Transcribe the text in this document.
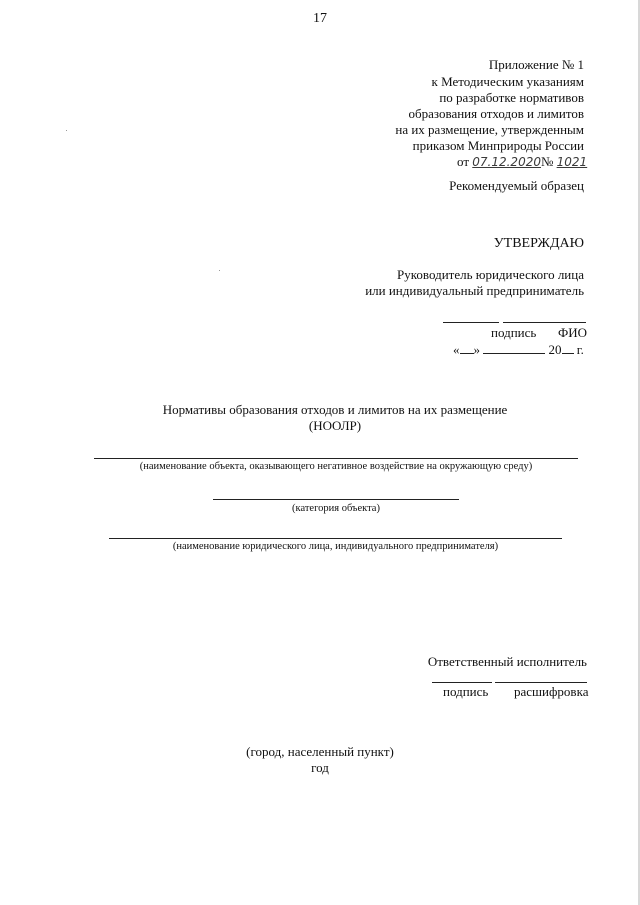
17
Приложение № 1
к Методическим указаниям
по разработке нормативов
образования отходов и лимитов
на их размещение, утвержденным
приказом Минприроды России
от 07.12.2020№ 1021
Рекомендуемый образец
УТВЕРЖДАЮ
Руководитель юридического лица
или индивидуальный предприниматель
подпись ФИО
« »	20 г.
Нормативы образования отходов и лимитов на их размещение
(НООЛР)
(наименование объекта, оказывающего негативное воздействие на окружающую среду)
(категория объекта)
(наименование юридического лица, индивидуального предпринимателя)
Ответственный исполнитель
подпись расшифровка
(город, населенный пункт)
год
